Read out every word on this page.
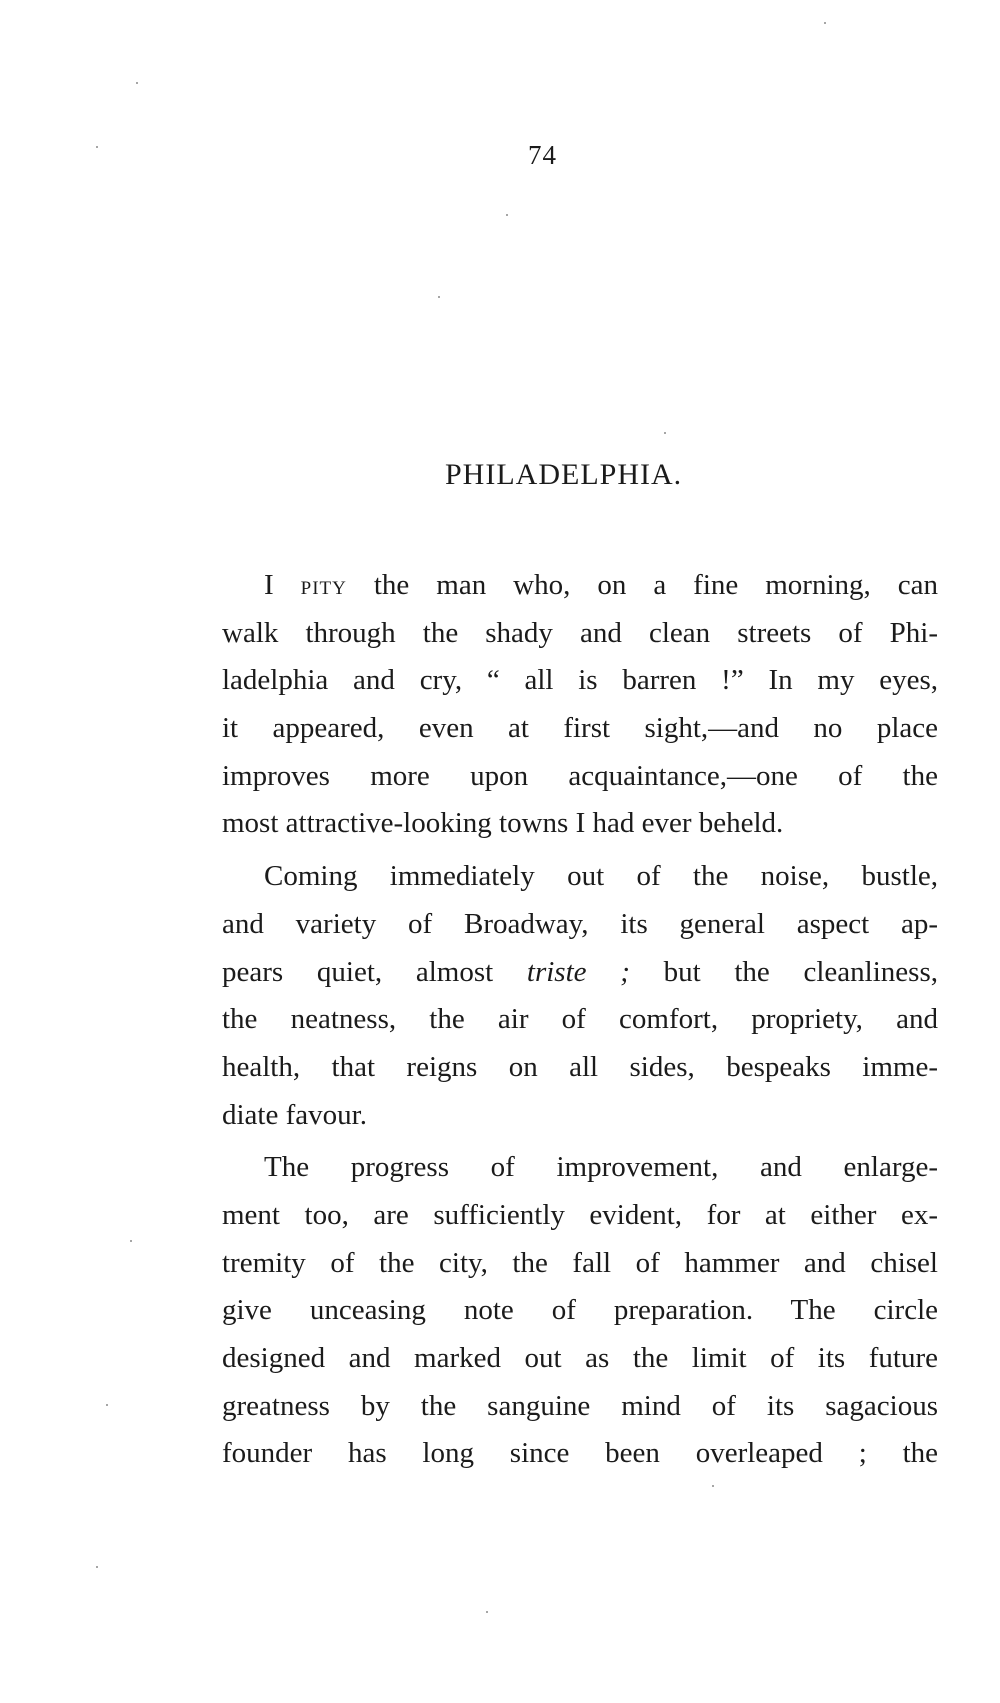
74
PHILADELPHIA.
I pity the man who, on a fine morning, can
walk through the shady and clean streets of Phi-
ladelphia and cry, “ all is barren !” In my eyes,
it appeared, even at first sight,—and no place
improves more upon acquaintance,—one of the
most attractive-looking towns I had ever beheld.
Coming immediately out of the noise, bustle,
and variety of Broadway, its general aspect ap-
pears quiet, almost triste ; but the cleanliness,
the neatness, the air of comfort, propriety, and
health, that reigns on all sides, bespeaks imme-
diate favour.
The progress of improvement, and enlarge-
ment too, are sufficiently evident, for at either ex-
tremity of the city, the fall of hammer and chisel
give unceasing note of preparation. The circle
designed and marked out as the limit of its future
greatness by the sanguine mind of its sagacious
founder has long since been overleaped ; the
